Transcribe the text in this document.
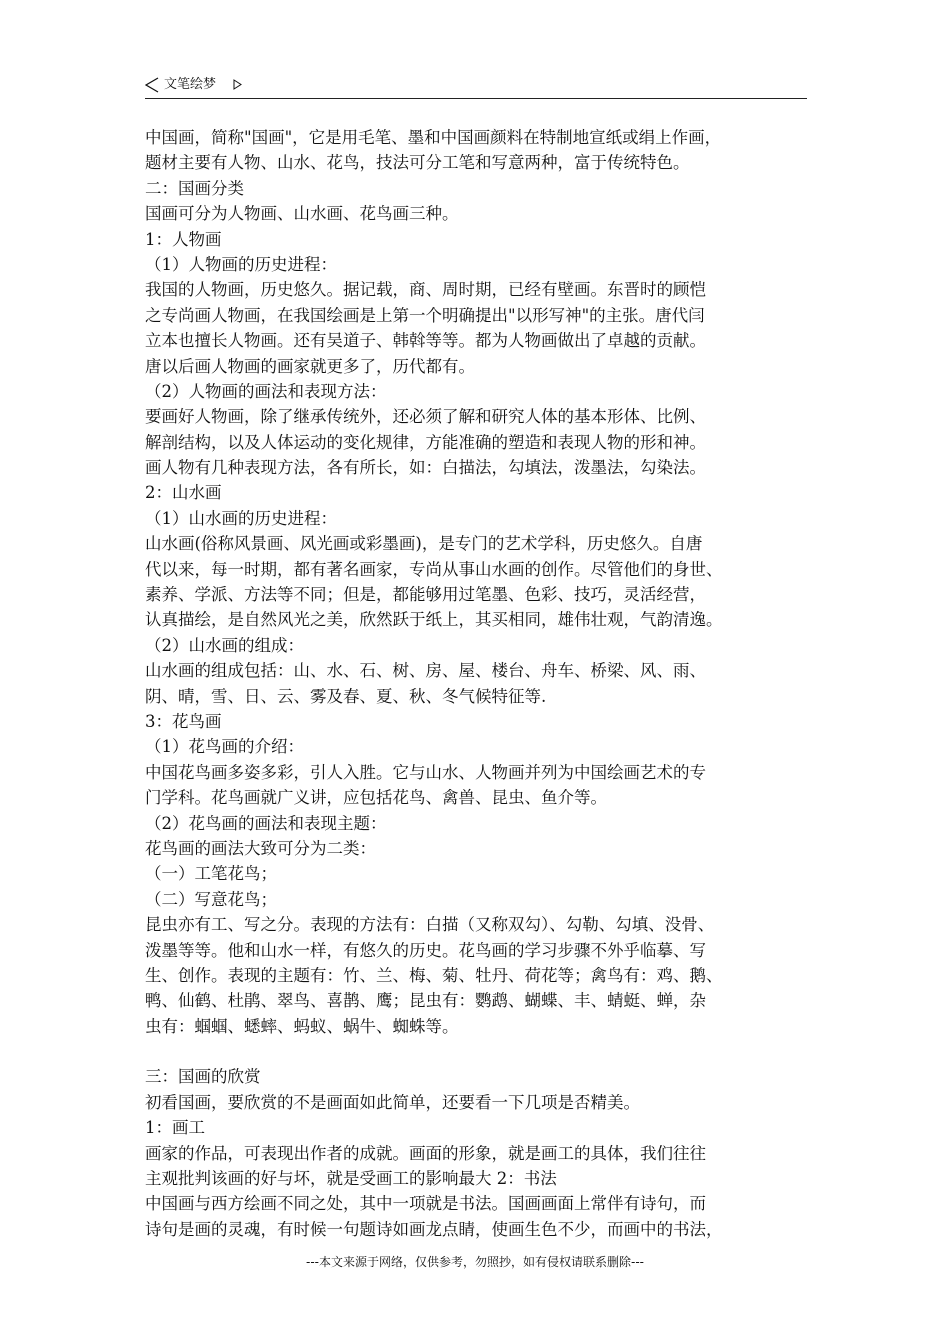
文笔绘梦
中国画，简称"国画"，它是用毛笔、墨和中国画颜料在特制地宣纸或绢上作画，
题材主要有人物、山水、花鸟，技法可分工笔和写意两种，富于传统特色。
二：国画分类
国画可分为人物画、山水画、花鸟画三种。
1：人物画
（1）人物画的历史进程：
我国的人物画，历史悠久。据记载，商、周时期，已经有壁画。东晋时的顾恺
之专尚画人物画，在我国绘画是上第一个明确提出"以形写神"的主张。唐代闫
立本也擅长人物画。还有吴道子、韩斡等等。都为人物画做出了卓越的贡献。
唐以后画人物画的画家就更多了，历代都有。
（2）人物画的画法和表现方法：
要画好人物画，除了继承传统外，还必须了解和研究人体的基本形体、比例、
解剖结构，以及人体运动的变化规律，方能准确的塑造和表现人物的形和神。
画人物有几种表现方法，各有所长，如：白描法，勾填法，泼墨法，勾染法。
2：山水画
（1）山水画的历史进程：
山水画(俗称风景画、风光画或彩墨画)，是专门的艺术学科，历史悠久。自唐
代以来，每一时期，都有著名画家，专尚从事山水画的创作。尽管他们的身世、
素养、学派、方法等不同；但是，都能够用过笔墨、色彩、技巧，灵活经营，
认真描绘，是自然风光之美，欣然跃于纸上，其买相同，雄伟壮观，气韵清逸。
（2）山水画的组成：
山水画的组成包括：山、水、石、树、房、屋、楼台、舟车、桥梁、风、雨、
阴、晴，雪、日、云、雾及春、夏、秋、冬气候特征等.
3：花鸟画
（1）花鸟画的介绍：
中国花鸟画多姿多彩，引人入胜。它与山水、人物画并列为中国绘画艺术的专
门学科。花鸟画就广义讲，应包括花鸟、禽兽、昆虫、鱼介等。
（2）花鸟画的画法和表现主题：
花鸟画的画法大致可分为二类：
（一）工笔花鸟；
（二）写意花鸟；
昆虫亦有工、写之分。表现的方法有：白描（又称双勾）、勾勒、勾填、没骨、
泼墨等等。他和山水一样，有悠久的历史。花鸟画的学习步骤不外乎临摹、写
生、创作。表现的主题有：竹、兰、梅、菊、牡丹、荷花等；禽鸟有：鸡、鹅、
鸭、仙鹤、杜鹃、翠鸟、喜鹊、鹰；昆虫有：鹦鹉、蝴蝶、丰、蜻蜓、蝉，杂
虫有：蝈蝈、蟋蟀、蚂蚁、蜗牛、蜘蛛等。
三：国画的欣赏
初看国画，要欣赏的不是画面如此简单，还要看一下几项是否精美。
1：画工
画家的作品，可表现出作者的成就。画面的形象，就是画工的具体，我们往往
主观批判该画的好与坏，就是受画工的影响最大 2：书法
中国画与西方绘画不同之处，其中一项就是书法。国画画面上常伴有诗句，而
诗句是画的灵魂，有时候一句题诗如画龙点睛，使画生色不少，而画中的书法，
---本文来源于网络，仅供参考，勿照抄，如有侵权请联系删除---
